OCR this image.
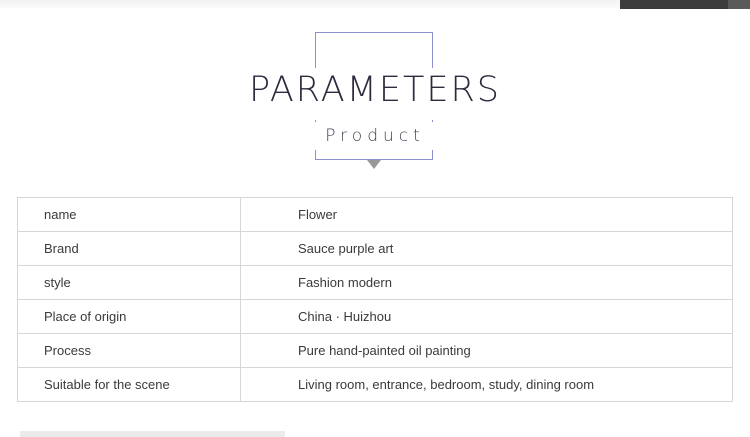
PARAMETERS
Product
name	Flower
Brand	Sauce purple art
style	Fashion modern
Place of origin	China · Huizhou
Process	Pure hand-painted oil painting
Suitable for the scene	Living room, entrance, bedroom, study, dining room
